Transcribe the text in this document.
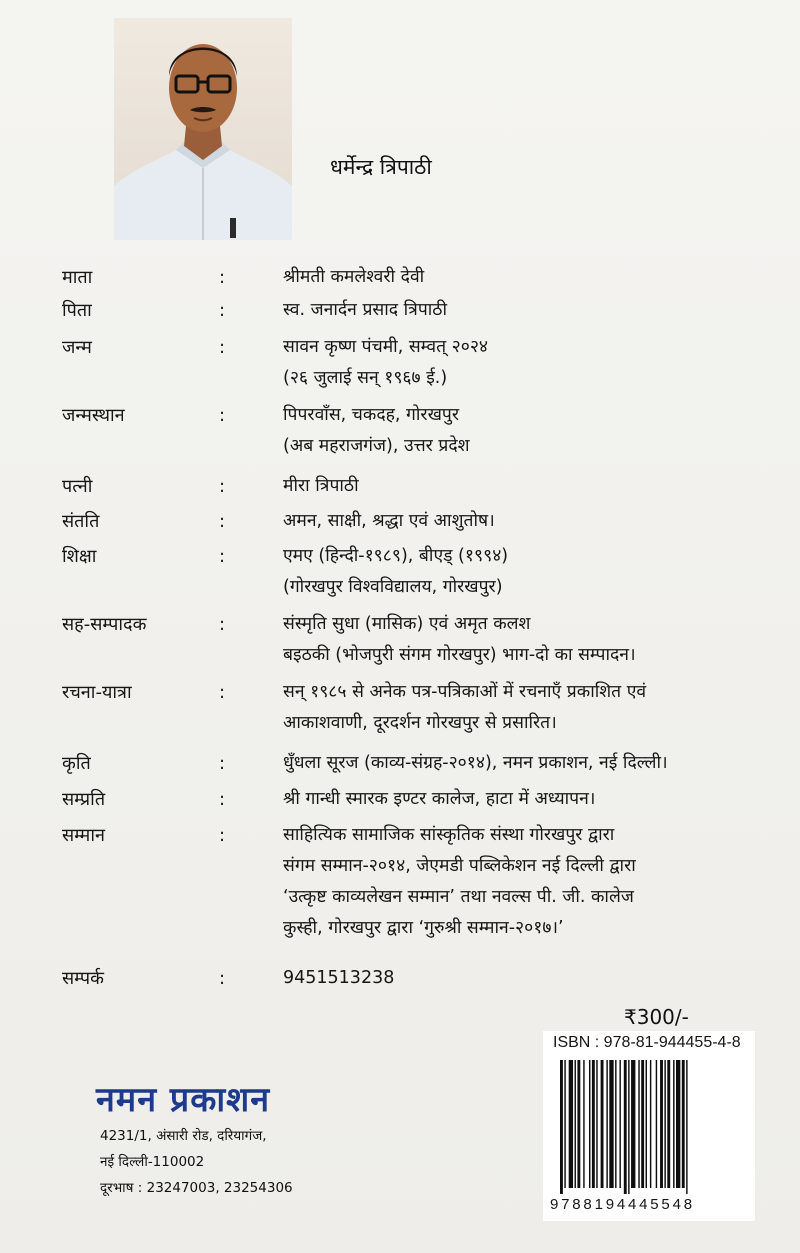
धर्मेन्द्र त्रिपाठी
माता	:	श्रीमती कमलेश्वरी देवी
पिता	:	स्व. जनार्दन प्रसाद त्रिपाठी
जन्म	:	सावन कृष्ण पंचमी, सम्वत् २०२४
(२६ जुलाई सन् १९६७ ई.)
जन्मस्थान	:	पिपरवाँस, चकदह, गोरखपुर
(अब महराजगंज), उत्तर प्रदेश
पत्नी	:	मीरा त्रिपाठी
संतति	:	अमन, साक्षी, श्रद्धा एवं आशुतोष।
शिक्षा	:	एमए (हिन्दी-१९८९), बीएड् (१९९४)
(गोरखपुर विश्वविद्यालय, गोरखपुर)
सह-सम्पादक	:	संस्मृति सुधा (मासिक) एवं अमृत कलश
बइठकी (भोजपुरी संगम गोरखपुर) भाग-दो का सम्पादन।
रचना-यात्रा	:	सन् १९८५ से अनेक पत्र-पत्रिकाओं में रचनाएँ प्रकाशित एवं
आकाशवाणी, दूरदर्शन गोरखपुर से प्रसारित।
कृति	:	धुँधला सूरज (काव्य-संग्रह-२०१४), नमन प्रकाशन, नई दिल्ली।
सम्प्रति	:	श्री गान्धी स्मारक इण्टर कालेज, हाटा में अध्यापन।
सम्मान	:	साहित्यिक सामाजिक सांस्कृतिक संस्था गोरखपुर द्वारा
संगम सम्मान-२०१४, जेएमडी पब्लिकेशन नई दिल्ली द्वारा
‘उत्कृष्ट काव्यलेखन सम्मान’ तथा नवल्स पी. जी. कालेज
कुस्ही, गोरखपुर द्वारा ‘गुरुश्री सम्मान-२०१७।’
सम्पर्क	:	9451513238
₹300/-
ISBN : 978-81-944455-4-8
9788194445548
नमन प्रकाशन
4231/1, अंसारी रोड, दरियागंज,
नई दिल्ली-110002
दूरभाष : 23247003, 23254306
